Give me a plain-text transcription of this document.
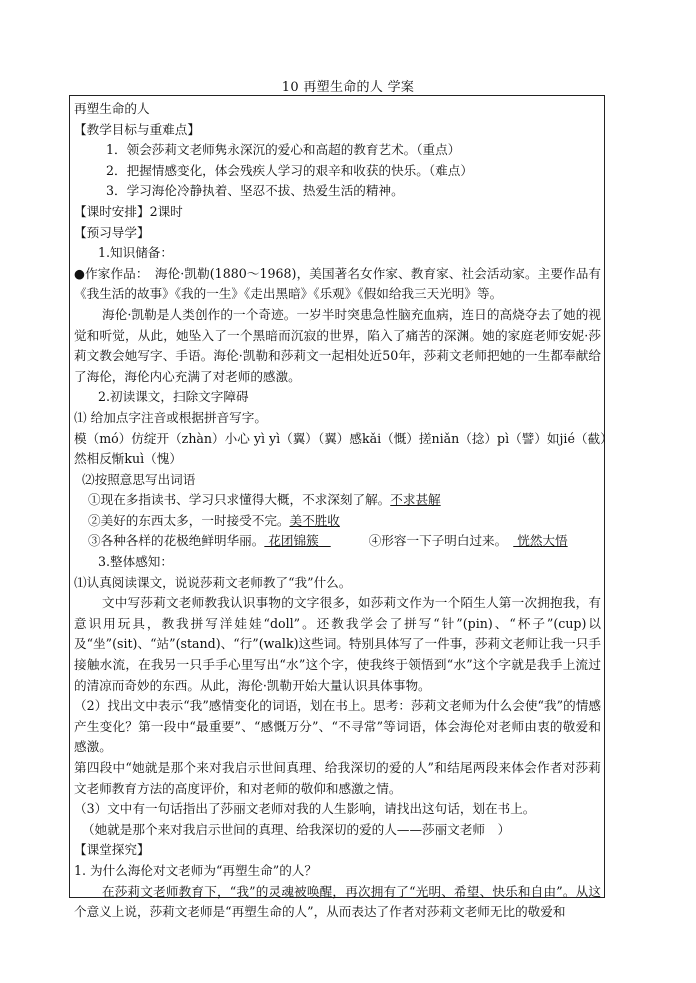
10 再塑生命的人 学案
再塑生命的人
【教学目标与重难点】
1．领会莎莉文老师隽永深沉的爱心和高超的教育艺术。（重点）
2．把握情感变化，体会残疾人学习的艰辛和收获的快乐。（难点）
3．学习海伦冷静执着、坚忍不拔、热爱生活的精神。
【课时安排】2课时
【预习导学】
1.知识储备：
●作家作品：　海伦·凯勒(1880～1968)，美国著名女作家、教育家、社会活动家。主要作品有《我生活的故事》《我的一生》《走出黑暗》《乐观》《假如给我三天光明》等。
海伦·凯勒是人类创作的一个奇迹。一岁半时突患急性脑充血病，连日的高烧夺去了她的视觉和听觉，从此，她坠入了一个黑暗而沉寂的世界，陷入了痛苦的深渊。她的家庭老师安妮·莎莉文教会她写字、手语。海伦·凯勒和莎莉文一起相处近50年，莎莉文老师把她的一生都奉献给了海伦，海伦内心充满了对老师的感激。
2.初读课文，扫除文字障碍
⑴ 给加点字注音或根据拼音写字。
模（mó）仿绽开（zhàn）小心 yì yì（翼）（翼）感kǎi（慨）搓niǎn（捻）pì（譬）如jié（截）
然相反惭kuì（愧）
⑵按照意思写出词语
①现在多指读书、学习只求懂得大概，不求深刻了解。不求甚解
②美好的东西太多，一时接受不完。美不胜收
③各种各样的花极绝鲜明华丽。 花团锦簇	④形容一下子明白过来。 恍然大悟
3.整体感知：
⑴认真阅读课文，说说莎莉文老师教了“我”什么。
文中写莎莉文老师教我认识事物的文字很多，如莎莉文作为一个陌生人第一次拥抱我，有意识用玩具，教我拼写洋娃娃“doll”。还教我学会了拼写“针”(pin)、“杯子”(cup)以及“坐”(sit)、“站”(stand)、“行”(walk)这些词。特别具体写了一件事，莎莉文老师让我一只手接触水流，在我另一只手手心里写出“水”这个字，使我终于领悟到“水”这个字就是我手上流过的清凉而奇妙的东西。从此，海伦·凯勒开始大量认识具体事物。
（2）找出文中表示“我”感情变化的词语，划在书上。思考：莎莉文老师为什么会使“我”的情感产生变化？第一段中“最重要”、“感慨万分”、“不寻常”等词语，体会海伦对老师由衷的敬爱和感激。
第四段中“她就是那个来对我启示世间真理、给我深切的爱的人”和结尾两段来体会作者对莎莉文老师教育方法的高度评价，和对老师的敬仰和感激之情。
（3）文中有一句话指出了莎丽文老师对我的人生影响，请找出这句话，划在书上。
（她就是那个来对我启示世间的真理、给我深切的爱的人——莎丽文老师　）
【课堂探究】
1. 为什么海伦对文老师为“再塑生命”的人？
在莎莉文老师教育下，“我”的灵魂被唤醒，再次拥有了“光明、希望、快乐和自由”。从这个意义上说，莎莉文老师是“再塑生命的人”，从而表达了作者对莎莉文老师无比的敬爱和
